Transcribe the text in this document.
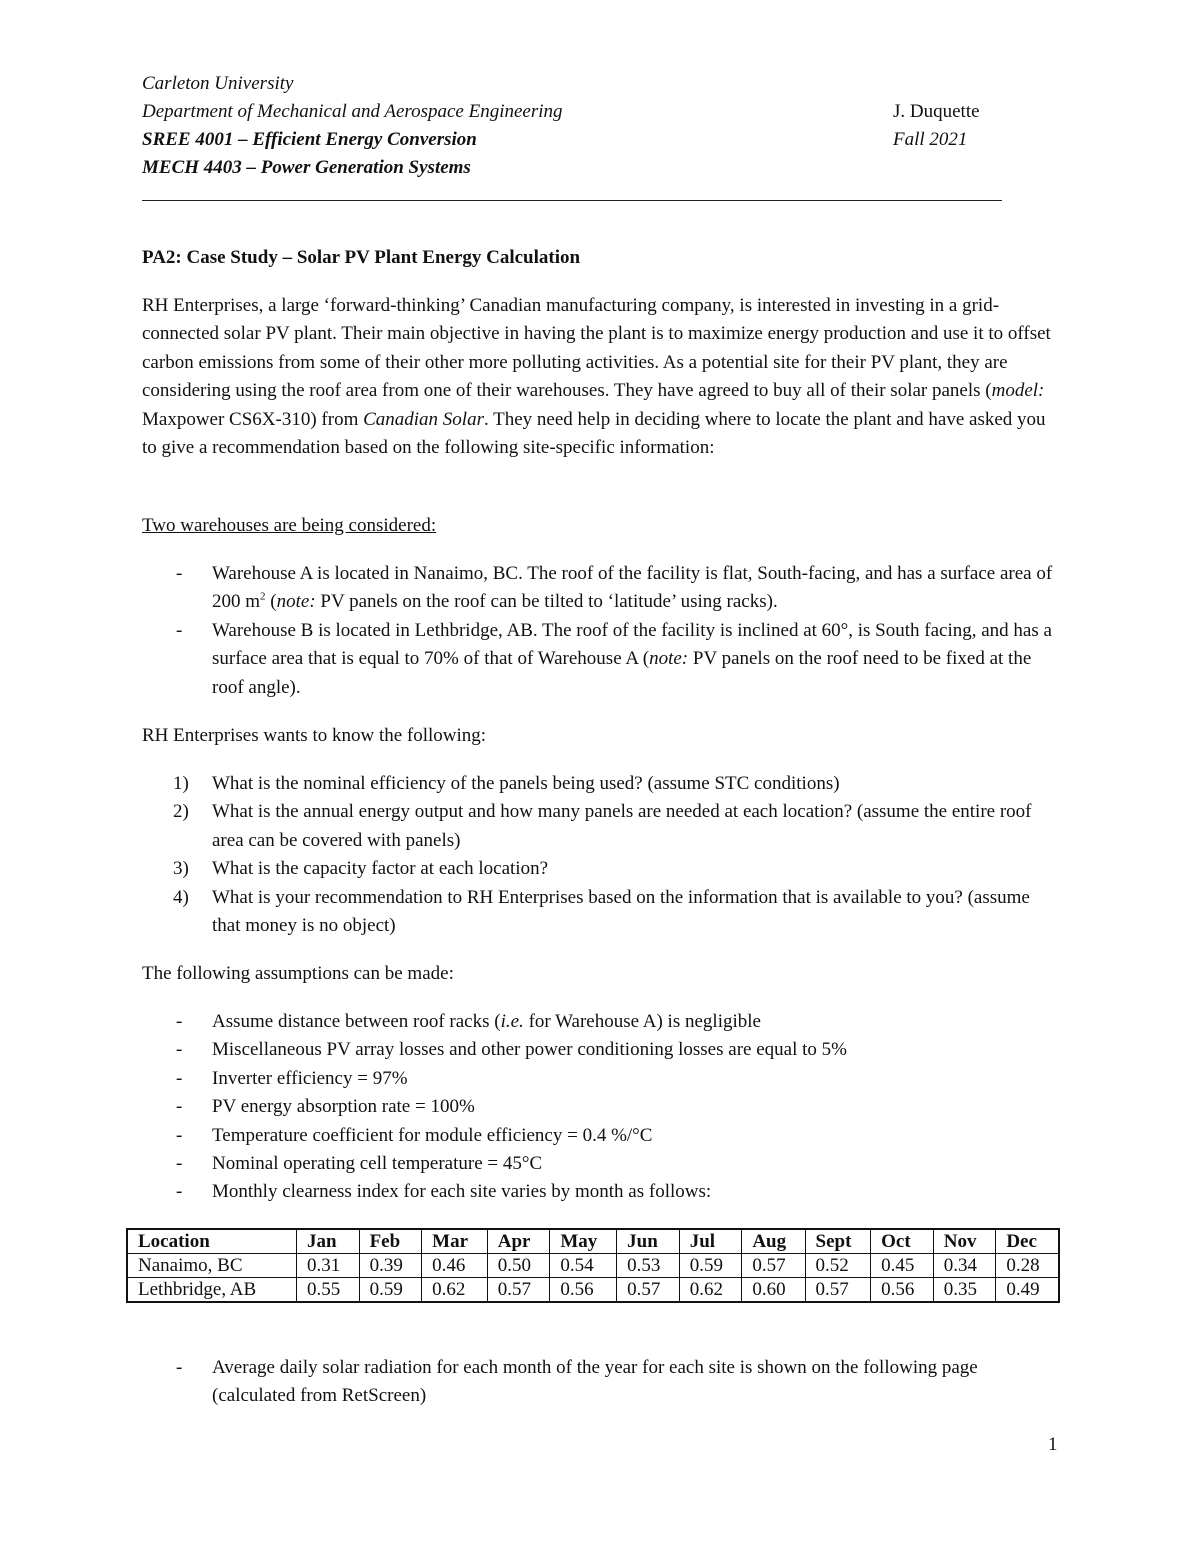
Carleton University
Department of Mechanical and Aerospace Engineering
SREE 4001 – Efficient Energy Conversion
MECH 4403 – Power Generation Systems
J. Duquette
Fall 2021
PA2: Case Study – Solar PV Plant Energy Calculation
RH Enterprises, a large ‘forward-thinking’ Canadian manufacturing company, is interested in investing in a grid-connected solar PV plant. Their main objective in having the plant is to maximize energy production and use it to offset carbon emissions from some of their other more polluting activities. As a potential site for their PV plant, they are considering using the roof area from one of their warehouses. They have agreed to buy all of their solar panels (model: Maxpower CS6X-310) from Canadian Solar. They need help in deciding where to locate the plant and have asked you to give a recommendation based on the following site-specific information:
Two warehouses are being considered:
- Warehouse A is located in Nanaimo, BC. The roof of the facility is flat, South-facing, and has a surface area of 200 $m^2$ (note: PV panels on the roof can be tilted to ‘latitude’ using racks).
- Warehouse B is located in Lethbridge, AB. The roof of the facility is inclined at 60°, is South facing, and has a surface area that is equal to 70% of that of Warehouse A (note: PV panels on the roof need to be fixed at the roof angle).
RH Enterprises wants to know the following:
1) What is the nominal efficiency of the panels being used? (assume STC conditions)
2) What is the annual energy output and how many panels are needed at each location? (assume the entire roof area can be covered with panels)
3) What is the capacity factor at each location?
4) What is your recommendation to RH Enterprises based on the information that is available to you? (assume that money is no object)
The following assumptions can be made:
- Assume distance between roof racks (i.e. for Warehouse A) is negligible
- Miscellaneous PV array losses and other power conditioning losses are equal to 5%
- Inverter efficiency = 97%
- PV energy absorption rate = 100%
- Temperature coefficient for module efficiency = 0.4 %/°C
- Nominal operating cell temperature = 45°C
- Monthly clearness index for each site varies by month as follows:
Location	Jan	Feb	Mar	Apr	May	Jun	Jul	Aug	Sept	Oct	Nov	Dec
Nanaimo, BC	0.31	0.39	0.46	0.50	0.54	0.53	0.59	0.57	0.52	0.45	0.34	0.28
Lethbridge, AB	0.55	0.59	0.62	0.57	0.56	0.57	0.62	0.60	0.57	0.56	0.35	0.49
- Average daily solar radiation for each month of the year for each site is shown on the following page (calculated from RetScreen)
1
